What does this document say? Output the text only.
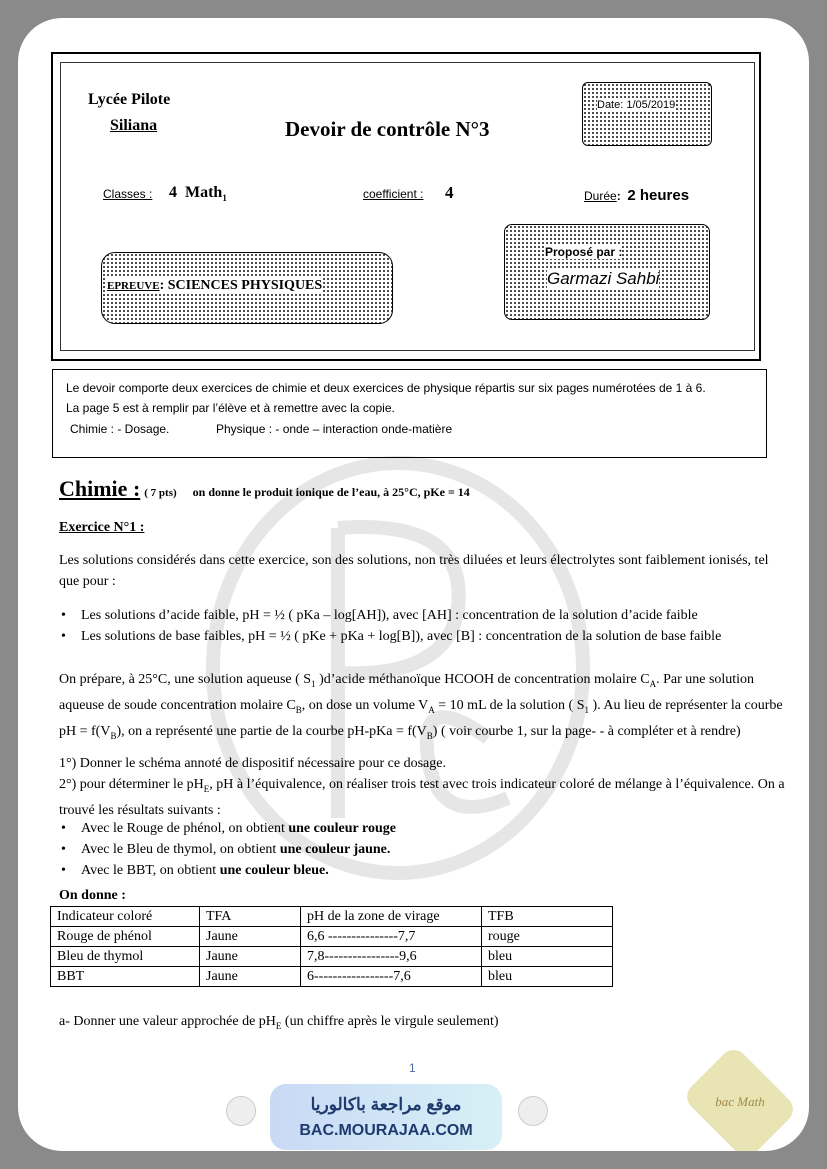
Lycée Pilote
Siliana	Devoir de contrôle N°3
Date: 1/05/2019
Classes : 4 Math$_1$	coefficient : 4	Durée:  2 heures
EPREUVE: SCIENCES PHYSIQUES
Proposé par :
Garmazi Sahbi
Le devoir comporte deux exercices de chimie et deux exercices de physique répartis sur six pages numérotées de 1 à 6.
La page 5 est à remplir par l’élève et à remettre avec la copie.
Chimie : - Dosage.	Physique : - onde – interaction onde-matière
Chimie : ( 7 pts) on donne le produit ionique de l’eau, à 25°C, pKe = 14
Exercice N°1 :
Les solutions considérés dans cette exercice, son des solutions, non très diluées et leurs électrolytes sont faiblement ionisés, tel que pour :
• Les solutions d’acide faible, pH = ½ ( pKa – log[AH]), avec [AH] : concentration de la solution d’acide faible
• Les solutions de base faibles, pH = ½ ( pKe + pKa + log[B]), avec [B] : concentration de la solution de base faible
On prépare, à 25°C, une solution aqueuse ( $S_1$ )d’acide méthanoïque HCOOH de concentration molaire $C_A$. Par une solution aqueuse de soude concentration molaire $C_B$, on dose un volume $V_A = 10$ mL de la solution ( $S_1$ ). Au lieu de représenter la courbe pH = $f(V_B)$, on a représenté une partie de la courbe $pH-pKa = f(V_B)$ ( voir courbe 1, sur la page- - à compléter et à rendre)
1°) Donner le schéma annoté de dispositif nécessaire pour ce dosage.
2°) pour déterminer le $pH_E$, pH à l’équivalence, on réaliser trois test avec trois indicateur coloré de mélange à l’équivalence. On a trouvé les résultats suivants :
• Avec le Rouge de phénol, on obtient une couleur rouge
• Avec le Bleu de thymol, on obtient une couleur jaune.
• Avec le BBT, on obtient une couleur bleue.
On donne :
Indicateur coloré	TFA	pH de la zone de virage	TFB
Rouge de phénol	Jaune	6,6 ---------------7,7	rouge
Bleu de thymol	Jaune	7,8----------------9,6	bleu
BBT	Jaune	6-----------------7,6	bleu
a- Donner une valeur approchée de $pH_E$ (un chiffre après le virgule seulement)
1
موقع مراجعة باكالوريا
BAC.MOURAJAA.COM
bac Math
